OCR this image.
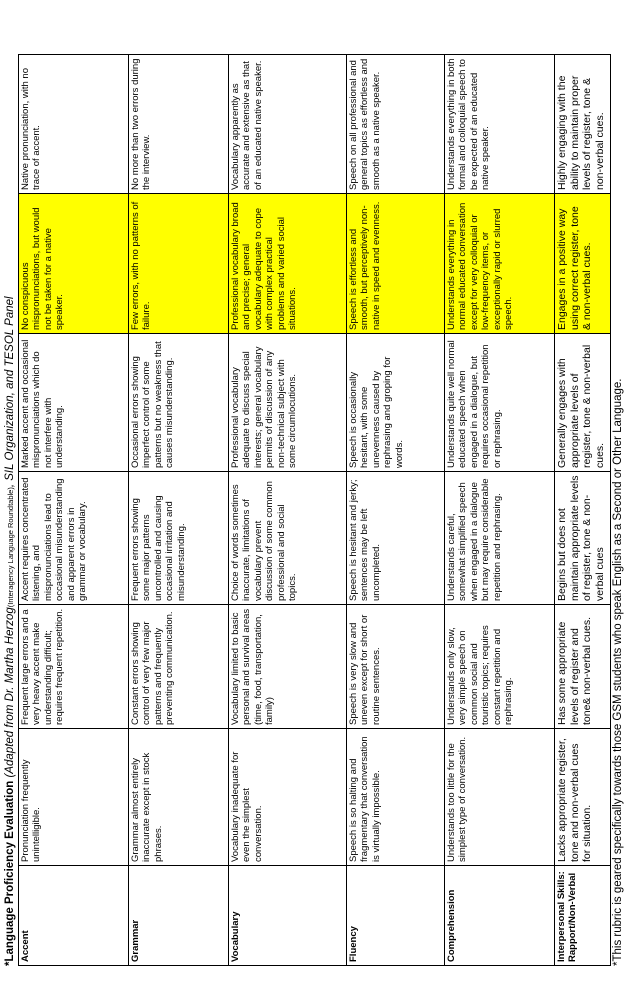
*Language Proficiency Evaluation (Adapted from Dr. Martha Herzog(Interagency Language Roundtable), SIL Organization, and TESOL Panel
Accent	Pronunciation frequently unintelligible.	Frequent large errors and a very heavy accent make understanding difficult; requires frequent repetition.	Accent requires concentrated listening, and mispronunciations lead to occasional misunderstanding and apparent errors in grammar or vocabulary.	Marked accent and occasional mispronunciations which do not interfere with understanding.	No conspicuous mispronunciations, but would not be taken for a native speaker.	Native pronunciation, with no trace of accent.
Grammar	Grammar almost entirely inaccurate except in stock phrases.	Constant errors showing control of very few major patterns and frequently preventing communication.	Frequent errors showing some major patterns uncontrolled and causing occasional irritation and misunderstanding.	Occasional errors showing imperfect control of some patterns but no weakness that causes misunderstanding.	Few errors, with no patterns of failure.	No more than two errors during the interview.
Vocabulary	Vocabulary inadequate for even the simplest conversation.	Vocabulary limited to basic personal and survival areas (time, food, transportation, family)	Choice of words sometimes inaccurate, limitations of vocabulary prevent discussion of some common professional and social topics.	Professional vocabulary adequate to discuss special interests; general vocabulary permits of discussion of any non-technical subject with some circumlocutions.	Professional vocabulary broad and precise; general vocabulary adequate to cope with complex practical problems and varied social situations.	Vocabulary apparently as accurate and extensive as that of an educated native speaker.
Fluency	Speech is so halting and fragmentary that conversation is virtually impossible.	Speech is very slow and uneven except for short or routine sentences.	Speech is hesitant and jerky; sentences may be left uncompleted.	Speech is occasionally hesitant, with some unevenness caused by rephrasing and groping for words.	Speech is effortless and smooth, but perceptively non-native in speed and evenness.	Speech on all professional and general topics as effortless and smooth as a native speaker.
Comprehension	Understands too little for the simplest type of conversation.	Understands only slow, very simple speech on common social and touristic topics; requires constant repetition and rephrasing.	Understands careful, somewhat simplified speech when engaged in a dialogue but may require considerable repetition and rephrasing.	Understands quite well normal educated speech when engaged in a dialogue, but requires occasional repetition or rephrasing.	Understands everything in normal educated conversation except for very colloquial or low-frequency items, or exceptionally rapid or slurred speech.	Understands everything in both formal and colloquial speech to be expected of an educated native speaker.
Interpersonal Skills: Rapport/Non-Verbal	Lacks appropriate register, tone and non-verbal cues for situation.	Has some appropriate levels of register and tone& non-verbal cues.	Begins but does not maintain appropriate levels of register, tone & non-verbal cues	Generally engages with appropriate levels of register, tone & non-verbal cues.	Engages in a positive way using correct register, tone & non-verbal cues.	Highly engaging with the ability to maintain proper levels of register, tone & non-verbal cues.
*This rubric is geared specifically towards those GSM students who speak English as a Second or Other Language.
